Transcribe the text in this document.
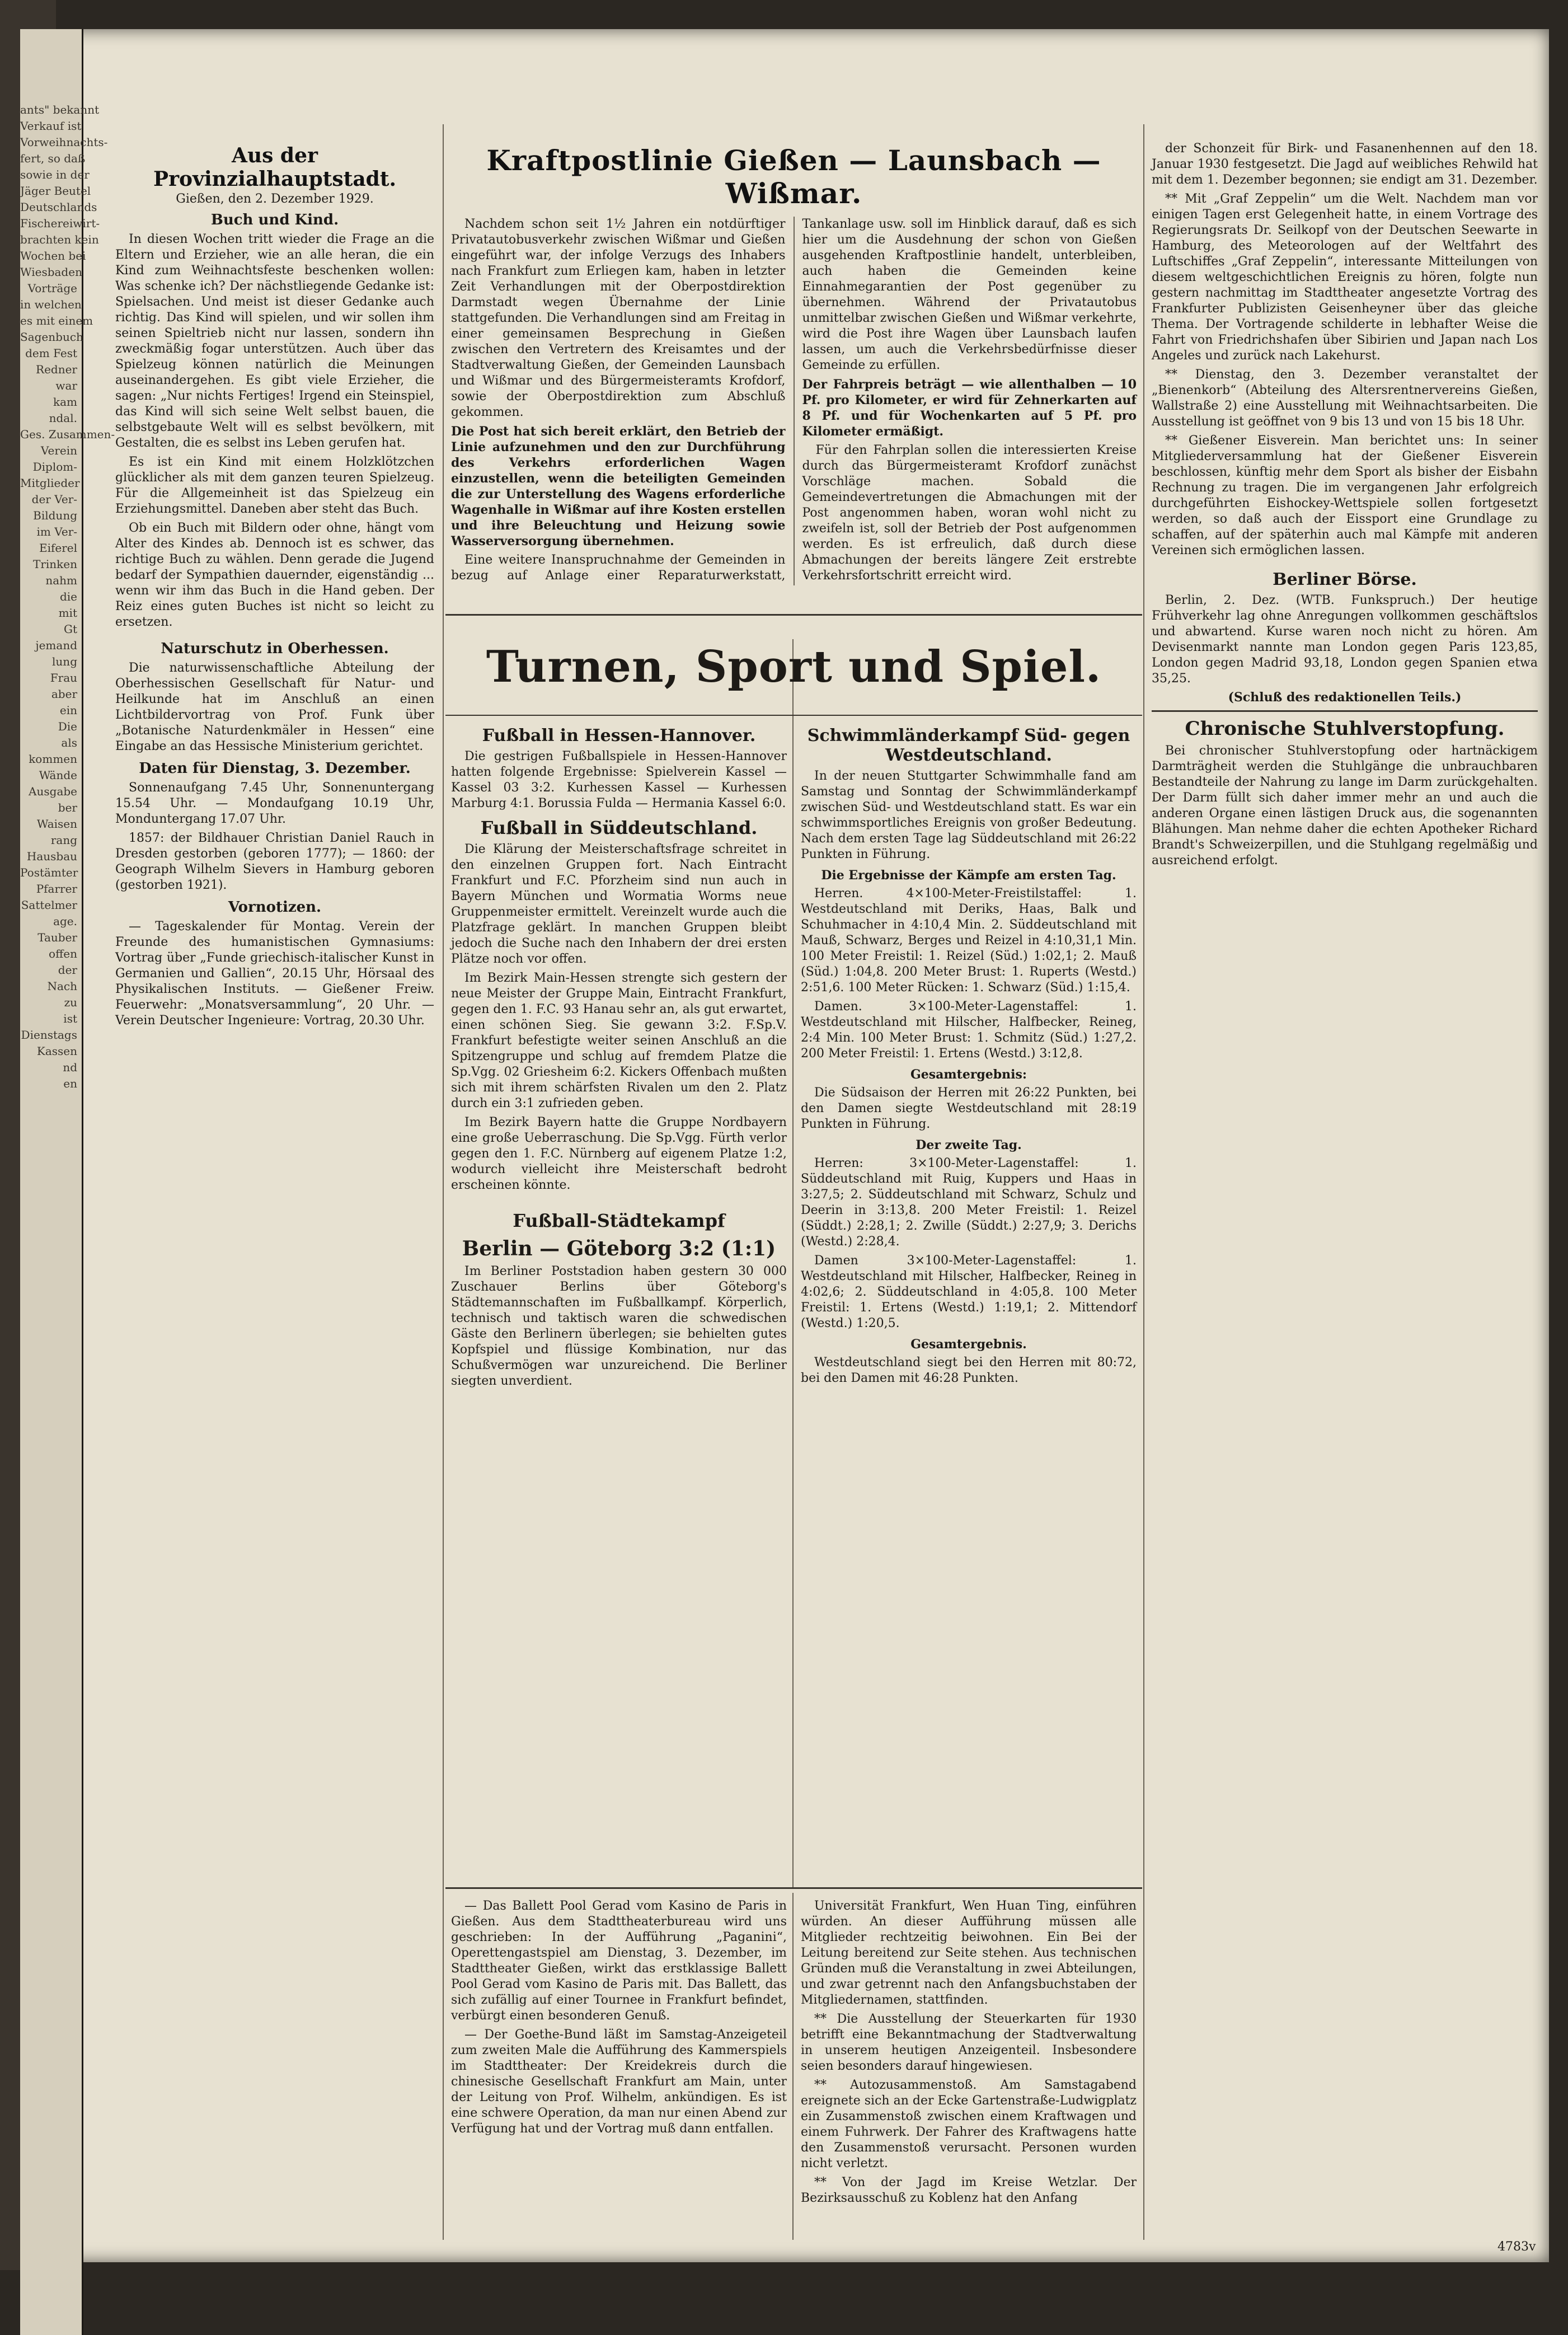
ants" bekannt
Verkauf ist
Vorweihnachts-
fert, so daß
sowie in der
Jäger Beutel
Deutschlands
Fischereiwirt-
brachten kein
Wochen bei
Wiesbaden
Vorträge
in welchen
es mit einem
Sagenbuch
dem Fest
Redner
war
kam
ndal.
Ges. Zusammen-
Verein
Diplom-
Mitglieder
der Ver-
Bildung
im Ver-
Eiferel
Trinken
nahm
die
mit
Gt
jemand
lung
Frau
aber
ein
Die
als
kommen
Wände
Ausgabe
ber
Waisen
rang
Hausbau
Postämter
Pfarrer
Sattelmer
age.
Tauber
offen
der
Nach
zu
ist
Dienstags
Kassen
nd
en
Aus der Provinzialhauptstadt.
Gießen, den 2. Dezember 1929.
Buch und Kind.

In diesen Wochen tritt wieder die Frage an die Eltern und Erzieher, wie an alle heran, die ein Kind zum Weihnachtsfeste beschenken wollen: Was schenke ich? Der nächstliegende Gedanke ist: Spielsachen. Und meist ist dieser Gedanke auch richtig. Das Kind will spielen, und wir sollen ihm seinen Spieltrieb nicht nur lassen, sondern ihn zweckmäßig fogar unterstützen. Auch über das Spielzeug können natürlich die Meinungen auseinandergehen. Es gibt viele Erzieher, die sagen: „Nur nichts Fertiges! Irgend ein Steinspiel, das Kind will sich seine Welt selbst bauen, die selbstgebaute Welt will es selbst bevölkern, mit Gestalten, die es selbst ins Leben gerufen hat.

Es ist ein Kind mit einem Holzklötzchen glücklicher als mit dem ganzen teuren Spielzeug. Für die Allgemeinheit ist das Spielzeug ein Erziehungsmittel. Daneben aber steht das Buch.

Ob ein Buch mit Bildern oder ohne, hängt vom Alter des Kindes ab. Dennoch ist es schwer, das richtige Buch zu wählen. Denn gerade die Jugend bedarf der Sympathien dauernder, eigenständig ... wenn wir ihm das Buch in die Hand geben. Der Reiz eines guten Buches ist nicht so leicht zu ersetzen.

Naturschutz in Oberhessen.

Die naturwissenschaftliche Abteilung der Oberhessischen Gesellschaft für Natur- und Heilkunde hat im Anschluß an einen Lichtbildervortrag von Prof. Funk über „Botanische Naturdenkmäler in Hessen“ eine Eingabe an das Hessische Ministerium gerichtet.

Daten für Dienstag, 3. Dezember.

Sonnenaufgang 7.45 Uhr, Sonnenuntergang 15.54 Uhr. — Mondaufgang 10.19 Uhr, Monduntergang 17.07 Uhr.

1857: der Bildhauer Christian Daniel Rauch in Dresden gestorben (geboren 1777); — 1860: der Geograph Wilhelm Sievers in Hamburg geboren (gestorben 1921).

Vornotizen.

— Tageskalender für Montag. Verein der Freunde des humanistischen Gymnasiums: Vortrag über „Funde griechisch-italischer Kunst in Germanien und Gallien“, 20.15 Uhr, Hörsaal des Physikalischen Instituts. — Gießener Freiw. Feuerwehr: „Monatsversammlung“, 20 Uhr. — Verein Deutscher Ingenieure: Vortrag, 20.30 Uhr.

Kraftpostlinie Gießen — Launsbach — Wißmar.

Nachdem schon seit 1½ Jahren ein notdürftiger Privatautobusverkehr zwischen Wißmar und Gießen eingeführt war, der infolge Verzugs des Inhabers nach Frankfurt zum Erliegen kam, haben in letzter Zeit Verhandlungen mit der Oberpostdirektion Darmstadt wegen Übernahme der Linie stattgefunden. Die Verhandlungen sind am Freitag in einer gemeinsamen Besprechung in Gießen zwischen den Vertretern des Kreisamtes und der Stadtverwaltung Gießen, der Gemeinden Launsbach und Wißmar und des Bürgermeisteramts Krofdorf, sowie der Oberpostdirektion zum Abschluß gekommen.

Die Post hat sich bereit erklärt, den Betrieb der Linie aufzunehmen und den zur Durchführung des Verkehrs erforderlichen Wagen einzustellen, wenn die beteiligten Gemeinden die zur Unterstellung des Wagens erforderliche Wagenhalle in Wißmar auf ihre Kosten erstellen und ihre Beleuchtung und Heizung sowie Wasserversorgung übernehmen.

Eine weitere Inanspruchnahme der Gemeinden in bezug auf Anlage einer Reparaturwerkstatt, Tankanlage usw. soll im Hinblick darauf, daß es sich hier um die Ausdehnung der schon von Gießen ausgehenden Kraftpostlinie handelt, unterbleiben, auch haben die Gemeinden keine Einnahmegarantien der Post gegenüber zu übernehmen. Während der Privatautobus unmittelbar zwischen Gießen und Wißmar verkehrte, wird die Post ihre Wagen über Launsbach laufen lassen, um auch die Verkehrsbedürfnisse dieser Gemeinde zu erfüllen.

Der Fahrpreis beträgt — wie allenthalben — 10 Pf. pro Kilometer, er wird für Zehnerkarten auf 8 Pf. und für Wochenkarten auf 5 Pf. pro Kilometer ermäßigt.

Für den Fahrplan sollen die interessierten Kreise durch das Bürgermeisteramt Krofdorf zunächst Vorschläge machen. Sobald die Gemeindevertretungen die Abmachungen mit der Post angenommen haben, woran wohl nicht zu zweifeln ist, soll der Betrieb der Post aufgenommen werden. Es ist erfreulich, daß durch diese Abmachungen der bereits längere Zeit erstrebte Verkehrsfortschritt erreicht wird.

Turnen, Sport und Spiel.
Fußball in Hessen-Hannover.

Die gestrigen Fußballspiele in Hessen-Hannover hatten folgende Ergebnisse: Spielverein Kassel — Kassel 03 3:2. Kurhessen Kassel — Kurhessen Marburg 4:1. Borussia Fulda — Hermania Kassel 6:0.

Fußball in Süddeutschland.

Die Klärung der Meisterschaftsfrage schreitet in den einzelnen Gruppen fort. Nach Eintracht Frankfurt und F.C. Pforzheim sind nun auch in Bayern München und Wormatia Worms neue Gruppenmeister ermittelt. Vereinzelt wurde auch die Platzfrage geklärt. In manchen Gruppen bleibt jedoch die Suche nach den Inhabern der drei ersten Plätze noch vor offen.

Im Bezirk Main-Hessen strengte sich gestern der neue Meister der Gruppe Main, Eintracht Frankfurt, gegen den 1. F.C. 93 Hanau sehr an, als gut erwartet, einen schönen Sieg. Sie gewann 3:2. F.Sp.V. Frankfurt befestigte weiter seinen Anschluß an die Spitzengruppe und schlug auf fremdem Platze die Sp.Vgg. 02 Griesheim 6:2. Kickers Offenbach mußten sich mit ihrem schärfsten Rivalen um den 2. Platz durch ein 3:1 zufrieden geben.

Im Bezirk Bayern hatte die Gruppe Nordbayern eine große Ueberraschung. Die Sp.Vgg. Fürth verlor gegen den 1. F.C. Nürnberg auf eigenem Platze 1:2, wodurch vielleicht ihre Meisterschaft bedroht erscheinen könnte.

Fußball-Städtekampf
Berlin — Göteborg 3:2 (1:1)

Im Berliner Poststadion haben gestern 30 000 Zuschauer Berlins über Göteborg's Städtemannschaften im Fußballkampf. Körperlich, technisch und taktisch waren die schwedischen Gäste den Berlinern überlegen; sie behielten gutes Kopfspiel und flüssige Kombination, nur das Schußvermögen war unzureichend. Die Berliner siegten unverdient.

Schwimmländerkampf Süd- gegen Westdeutschland.

In der neuen Stuttgarter Schwimmhalle fand am Samstag und Sonntag der Schwimmländerkampf zwischen Süd- und Westdeutschland statt. Es war ein schwimmsportliches Ereignis von großer Bedeutung. Nach dem ersten Tage lag Süddeutschland mit 26:22 Punkten in Führung.

Die Ergebnisse der Kämpfe am ersten Tag.

Herren. 4×100-Meter-Freistilstaffel: 1. Westdeutschland mit Deriks, Haas, Balk und Schuhmacher in 4:10,4 Min. 2. Süddeutschland mit Mauß, Schwarz, Berges und Reizel in 4:10,31,1 Min. 100 Meter Freistil: 1. Reizel (Süd.) 1:02,1; 2. Mauß (Süd.) 1:04,8. 200 Meter Brust: 1. Ruperts (Westd.) 2:51,6. 100 Meter Rücken: 1. Schwarz (Süd.) 1:15,4.

Damen. 3×100-Meter-Lagenstaffel: 1. Westdeutschland mit Hilscher, Halfbecker, Reineg, 2:4 Min. 100 Meter Brust: 1. Schmitz (Süd.) 1:27,2. 200 Meter Freistil: 1. Ertens (Westd.) 3:12,8.

Gesamtergebnis:

Die Südsaison der Herren mit 26:22 Punkten, bei den Damen siegte Westdeutschland mit 28:19 Punkten in Führung.

Der zweite Tag.

Herren: 3×100-Meter-Lagenstaffel: 1. Süddeutschland mit Ruig, Kuppers und Haas in 3:27,5; 2. Süddeutschland mit Schwarz, Schulz und Deerin in 3:13,8. 200 Meter Freistil: 1. Reizel (Süddt.) 2:28,1; 2. Zwille (Süddt.) 2:27,9; 3. Derichs (Westd.) 2:28,4.

Damen 3×100-Meter-Lagenstaffel: 1. Westdeutschland mit Hilscher, Halfbecker, Reineg in 4:02,6; 2. Süddeutschland in 4:05,8. 100 Meter Freistil: 1. Ertens (Westd.) 1:19,1; 2. Mittendorf (Westd.) 1:20,5.

Gesamtergebnis.

Westdeutschland siegt bei den Herren mit 80:72, bei den Damen mit 46:28 Punkten.

— Das Ballett Pool Gerad vom Kasino de Paris in Gießen. Aus dem Stadttheaterbureau wird uns geschrieben: In der Aufführung „Paganini“, Operettengastspiel am Dienstag, 3. Dezember, im Stadttheater Gießen, wirkt das erstklassige Ballett Pool Gerad vom Kasino de Paris mit. Das Ballett, das sich zufällig auf einer Tournee in Frankfurt befindet, verbürgt einen besonderen Genuß.

— Der Goethe-Bund läßt im Samstag-Anzeigeteil zum zweiten Male die Aufführung des Kammerspiels im Stadttheater: Der Kreidekreis durch die chinesische Gesellschaft Frankfurt am Main, unter der Leitung von Prof. Wilhelm, ankündigen. Es ist eine schwere Operation, da man nur einen Abend zur Verfügung hat und der Vortrag muß dann entfallen.

Universität Frankfurt, Wen Huan Ting, einführen würden. An dieser Aufführung müssen alle Mitglieder rechtzeitig beiwohnen. Ein Bei der Leitung bereitend zur Seite stehen. Aus technischen Gründen muß die Veranstaltung in zwei Abteilungen, und zwar getrennt nach den Anfangsbuchstaben der Mitgliedernamen, stattfinden.

** Die Ausstellung der Steuerkarten für 1930 betrifft eine Bekanntmachung der Stadtverwaltung in unserem heutigen Anzeigenteil. Insbesondere seien besonders darauf hingewiesen.

** Autozusammenstoß. Am Samstagabend ereignete sich an der Ecke Gartenstraße-Ludwigplatz ein Zusammenstoß zwischen einem Kraftwagen und einem Fuhrwerk. Der Fahrer des Kraftwagens hatte den Zusammenstoß verursacht. Personen wurden nicht verletzt.

** Von der Jagd im Kreise Wetzlar. Der Bezirksausschuß zu Koblenz hat den Anfang

der Schonzeit für Birk- und Fasanenhennen auf den 18. Januar 1930 festgesetzt. Die Jagd auf weibliches Rehwild hat mit dem 1. Dezember begonnen; sie endigt am 31. Dezember.

** Mit „Graf Zeppelin“ um die Welt. Nachdem man vor einigen Tagen erst Gelegenheit hatte, in einem Vortrage des Regierungsrats Dr. Seilkopf von der Deutschen Seewarte in Hamburg, des Meteorologen auf der Weltfahrt des Luftschiffes „Graf Zeppelin“, interessante Mitteilungen von diesem weltgeschichtlichen Ereignis zu hören, folgte nun gestern nachmittag im Stadttheater angesetzte Vortrag des Frankfurter Publizisten Geisenheyner über das gleiche Thema. Der Vortragende schilderte in lebhafter Weise die Fahrt von Friedrichshafen über Sibirien und Japan nach Los Angeles und zurück nach Lakehurst.

** Dienstag, den 3. Dezember veranstaltet der „Bienenkorb“ (Abteilung des Altersrentnervereins Gießen, Wallstraße 2) eine Ausstellung mit Weihnachtsarbeiten. Die Ausstellung ist geöffnet von 9 bis 13 und von 15 bis 18 Uhr.

** Gießener Eisverein. Man berichtet uns: In seiner Mitgliederversammlung hat der Gießener Eisverein beschlossen, künftig mehr dem Sport als bisher der Eisbahn Rechnung zu tragen. Die im vergangenen Jahr erfolgreich durchgeführten Eishockey-Wettspiele sollen fortgesetzt werden, so daß auch der Eissport eine Grundlage zu schaffen, auf der späterhin auch mal Kämpfe mit anderen Vereinen sich ermöglichen lassen.

Berliner Börse.

Berlin, 2. Dez. (WTB. Funkspruch.) Der heutige Frühverkehr lag ohne Anregungen vollkommen geschäftslos und abwartend. Kurse waren noch nicht zu hören. Am Devisenmarkt nannte man London gegen Paris 123,85, London gegen Madrid 93,18, London gegen Spanien etwa 35,25.

(Schluß des redaktionellen Teils.)
Chronische Stuhlverstopfung.

Bei chronischer Stuhlverstopfung oder hartnäckigem Darmträgheit werden die Stuhlgänge die unbrauchbaren Bestandteile der Nahrung zu lange im Darm zurückgehalten. Der Darm füllt sich daher immer mehr an und auch die anderen Organe einen lästigen Druck aus, die sogenannten Blähungen. Man nehme daher die echten Apotheker Richard Brandt's Schweizerpillen, und die Stuhlgang regelmäßig und ausreichend erfolgt.

4783v
